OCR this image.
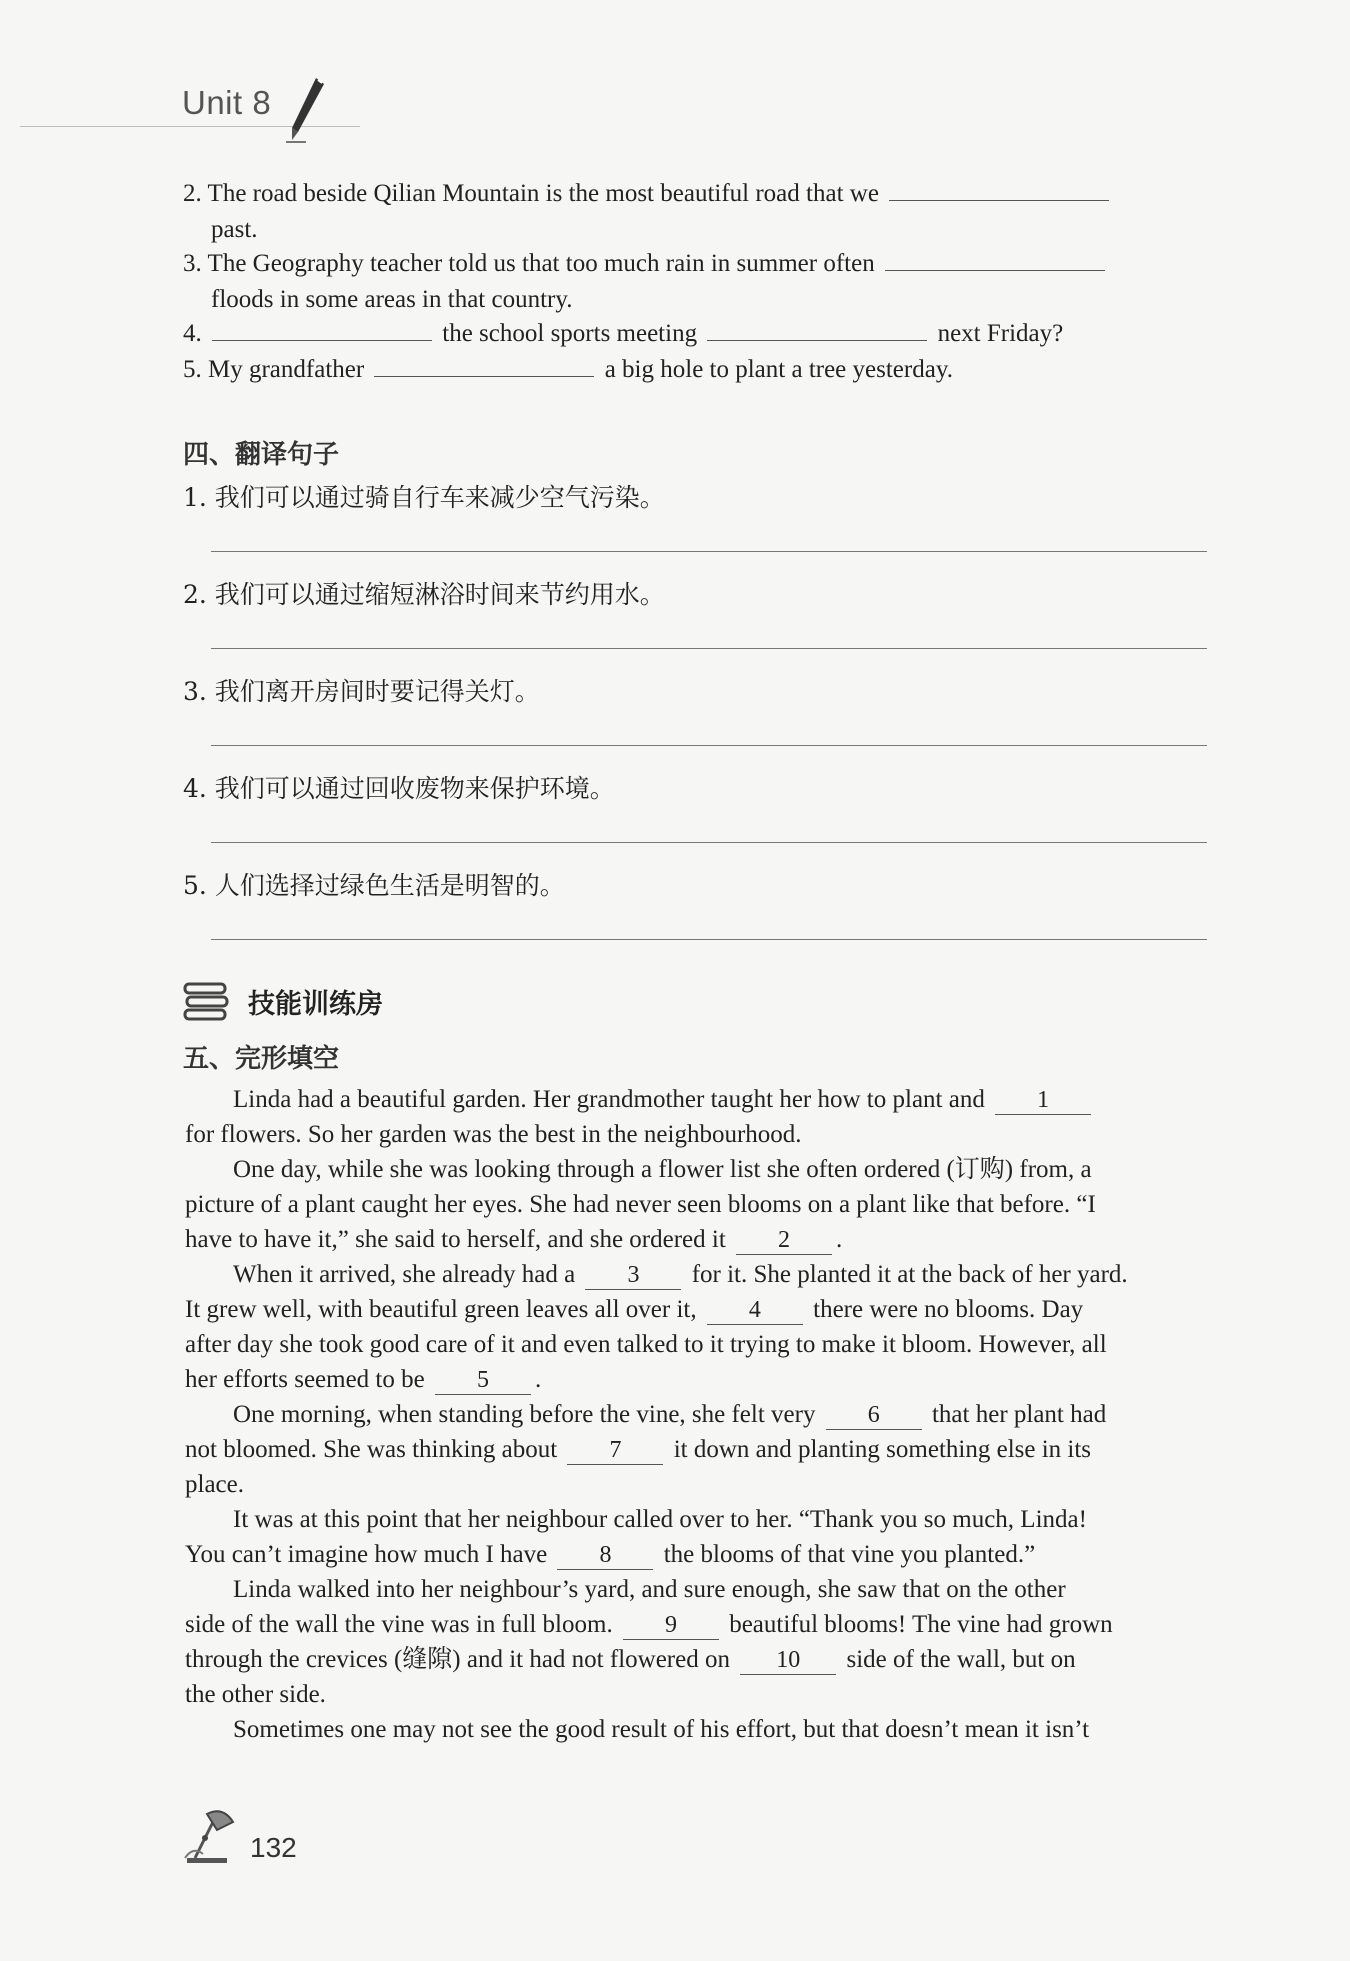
Unit 8
2. The road beside Qilian Mountain is the most beautiful road that we
past.
3. The Geography teacher told us that too much rain in summer often
floods in some areas in that country.
4.	the school sports meeting	next Friday?
5. My grandfather	a big hole to plant a tree yesterday.
四、翻译句子
1. 我们可以通过骑自行车来减少空气污染。
2. 我们可以通过缩短淋浴时间来节约用水。
3. 我们离开房间时要记得关灯。
4. 我们可以通过回收废物来保护环境。
5. 人们选择过绿色生活是明智的。
技能训练房
五、完形填空
Linda had a beautiful garden. Her grandmother taught her how to plant and 1
for flowers. So her garden was the best in the neighbourhood.
One day, while she was looking through a flower list she often ordered (订购) from, a
picture of a plant caught her eyes. She had never seen blooms on a plant like that before. “I
have to have it,” she said to herself, and she ordered it 2 .
When it arrived, she already had a 3 for it. She planted it at the back of her yard.
It grew well, with beautiful green leaves all over it, 4 there were no blooms. Day
after day she took good care of it and even talked to it trying to make it bloom. However, all
her efforts seemed to be 5 .
One morning, when standing before the vine, she felt very 6 that her plant had
not bloomed. She was thinking about 7 it down and planting something else in its
place.
It was at this point that her neighbour called over to her. “Thank you so much, Linda!
You can’t imagine how much I have 8 the blooms of that vine you planted.”
Linda walked into her neighbour’s yard, and sure enough, she saw that on the other
side of the wall the vine was in full bloom. 9 beautiful blooms! The vine had grown
through the crevices (缝隙) and it had not flowered on 10 side of the wall, but on
the other side.
Sometimes one may not see the good result of his effort, but that doesn’t mean it isn’t
132
